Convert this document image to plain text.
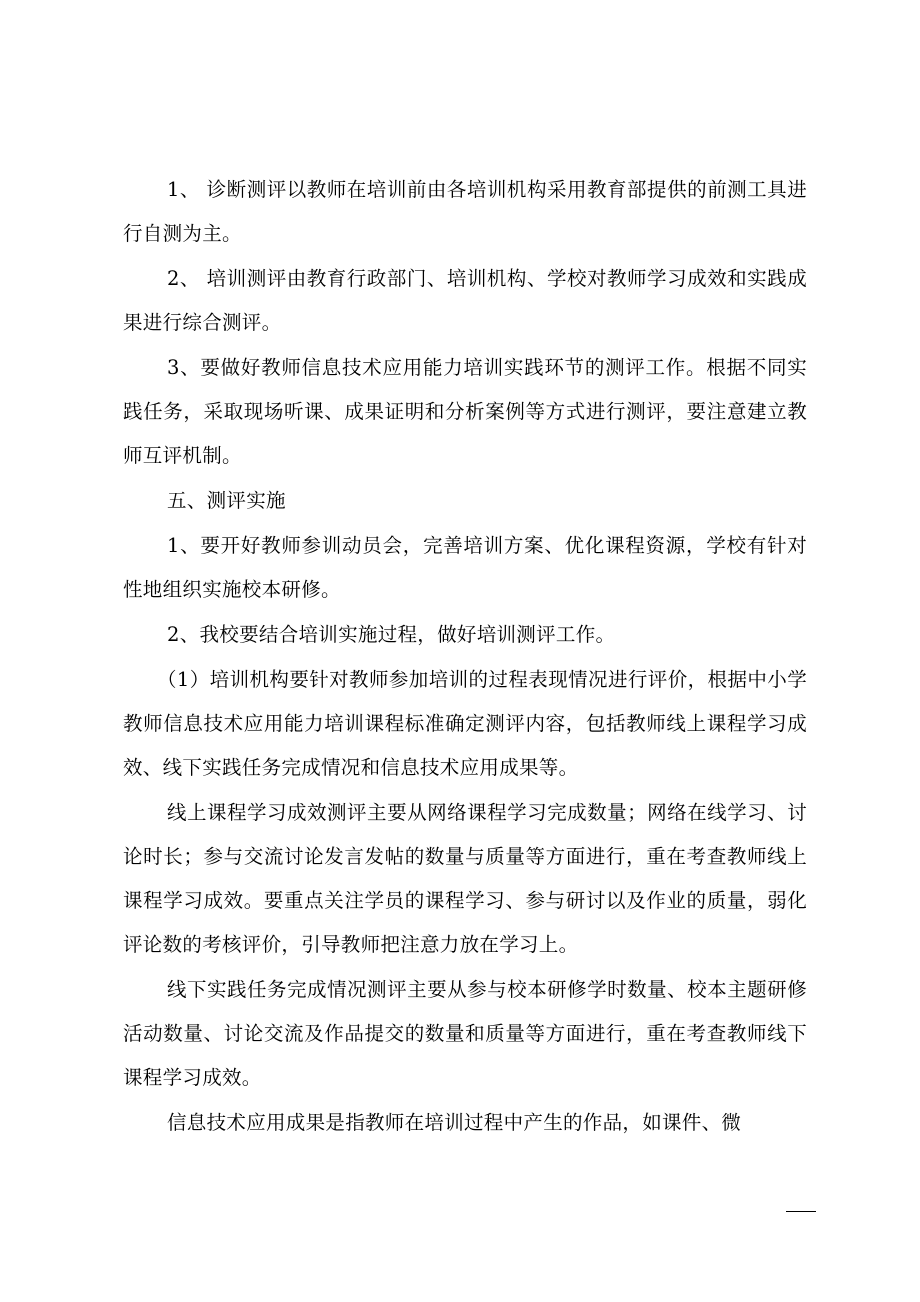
1、 诊断测评以教师在培训前由各培训机构采用教育部提供的前测工具进行自测为主。

2、 培训测评由教育行政部门、培训机构、学校对教师学习成效和实践成果进行综合测评。

3、要做好教师信息技术应用能力培训实践环节的测评工作。根据不同实践任务，采取现场听课、成果证明和分析案例等方式进行测评，要注意建立教师互评机制。

五、测评实施

1、要开好教师参训动员会，完善培训方案、优化课程资源，学校有针对性地组织实施校本研修。

2、我校要结合培训实施过程，做好培训测评工作。

（1）培训机构要针对教师参加培训的过程表现情况进行评价，根据中小学教师信息技术应用能力培训课程标准确定测评内容，包括教师线上课程学习成效、线下实践任务完成情况和信息技术应用成果等。

线上课程学习成效测评主要从网络课程学习完成数量；网络在线学习、讨论时长；参与交流讨论发言发帖的数量与质量等方面进行，重在考查教师线上课程学习成效。要重点关注学员的课程学习、参与研讨以及作业的质量，弱化评论数的考核评价，引导教师把注意力放在学习上。

线下实践任务完成情况测评主要从参与校本研修学时数量、校本主题研修活动数量、讨论交流及作品提交的数量和质量等方面进行，重在考查教师线下课程学习成效。

信息技术应用成果是指教师在培训过程中产生的作品，如课件、微
